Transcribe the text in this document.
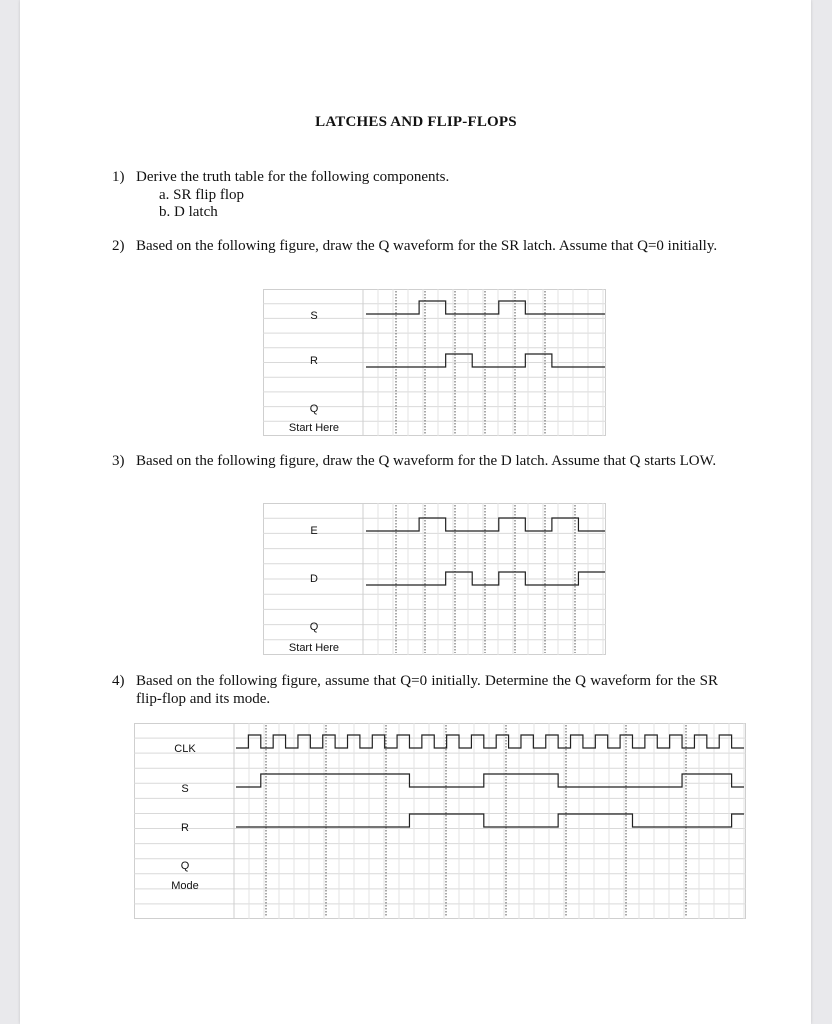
LATCHES AND FLIP-FLOPS
1) Derive the truth table for the following components.
a. SR flip flop
b. D latch
2) Based on the following figure, draw the Q waveform for the SR latch. Assume that Q=0 initially.
S
R
Q
Start Here
3) Based on the following figure, draw the Q waveform for the D latch. Assume that Q starts LOW.
E
D
Q
Start Here
4) Based on the following figure, assume that Q=0 initially. Determine the Q waveform for the SR flip-flop and its mode.
CLK
S
R
Q
Mode
